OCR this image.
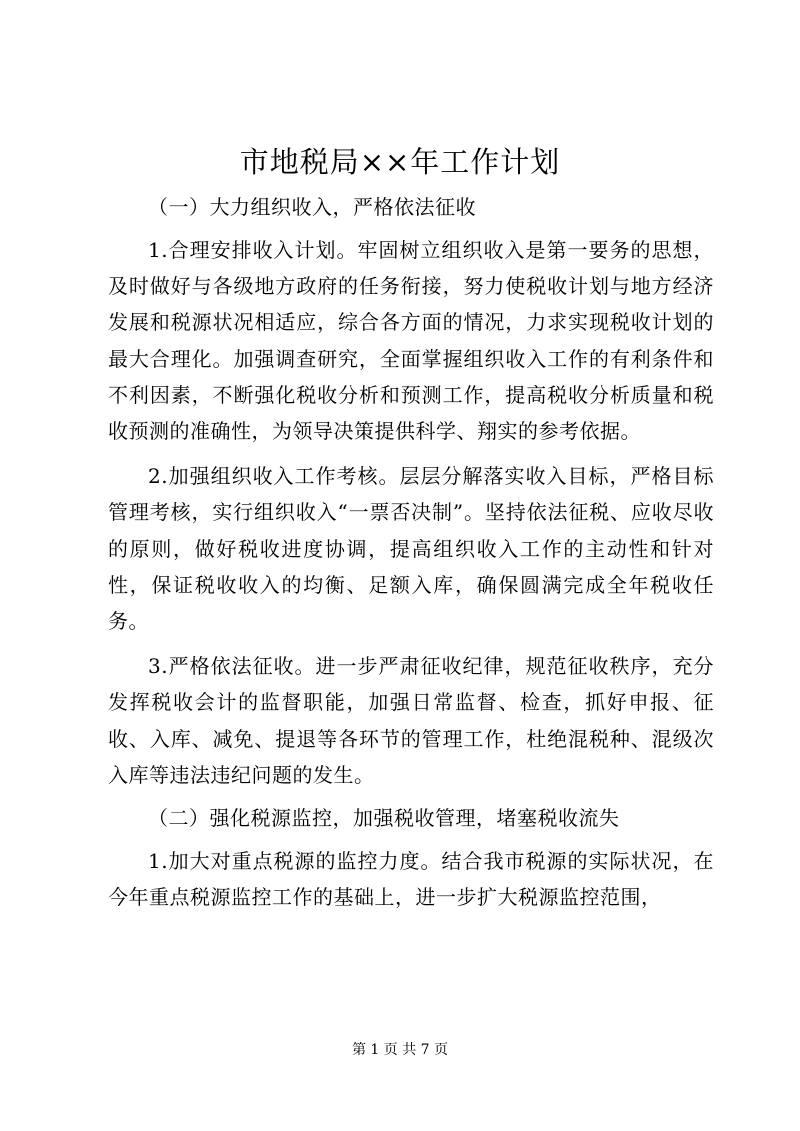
市地税局××年工作计划

（一）大力组织收入，严格依法征收

1.合理安排收入计划。牢固树立组织收入是第一要务的思想，及时做好与各级地方政府的任务衔接，努力使税收计划与地方经济发展和税源状况相适应，综合各方面的情况，力求实现税收计划的最大合理化。加强调查研究，全面掌握组织收入工作的有利条件和不利因素，不断强化税收分析和预测工作，提高税收分析质量和税收预测的准确性，为领导决策提供科学、翔实的参考依据。

2.加强组织收入工作考核。层层分解落实收入目标，严格目标管理考核，实行组织收入“一票否决制”。坚持依法征税、应收尽收的原则，做好税收进度协调，提高组织收入工作的主动性和针对性，保证税收收入的均衡、足额入库，确保圆满完成全年税收任务。

3.严格依法征收。进一步严肃征收纪律，规范征收秩序，充分发挥税收会计的监督职能，加强日常监督、检查，抓好申报、征收、入库、减免、提退等各环节的管理工作，杜绝混税种、混级次入库等违法违纪问题的发生。

（二）强化税源监控，加强税收管理，堵塞税收流失

1.加大对重点税源的监控力度。结合我市税源的实际状况，在今年重点税源监控工作的基础上，进一步扩大税源监控范围，

第 1 页 共 7 页
